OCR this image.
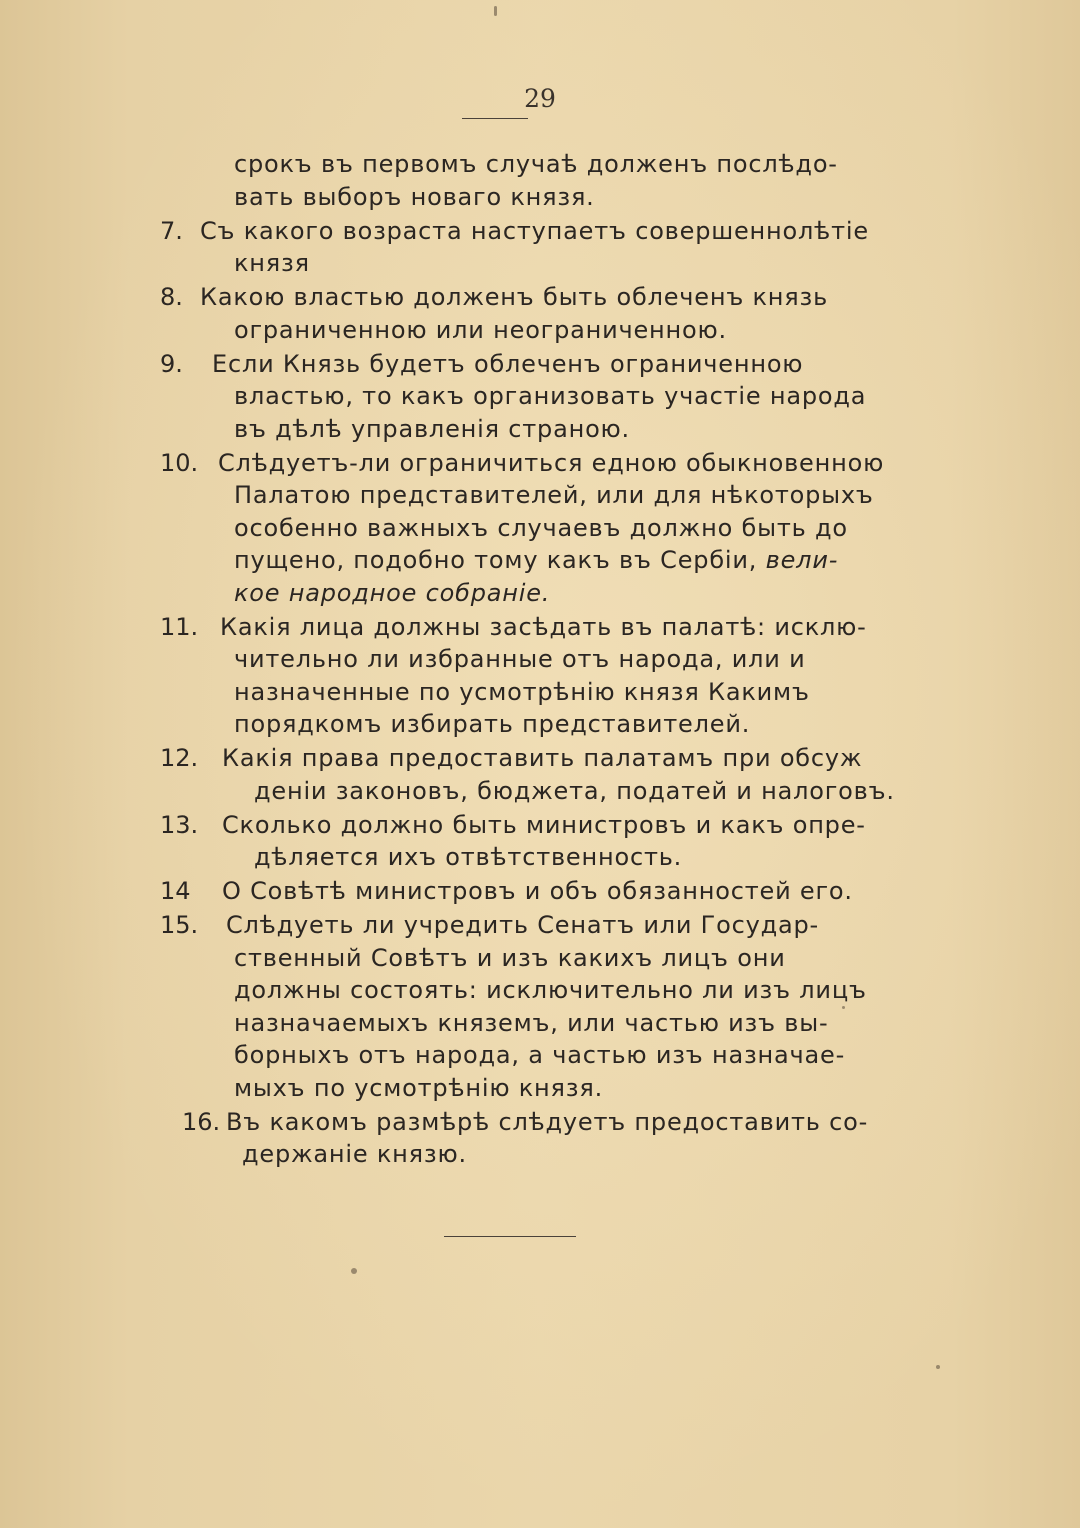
29
срокъ въ первомъ случаѣ долженъ послѣдо-
вать выборъ новаго князя.
7. Съ какого возраста наступаетъ совершеннолѣтіе
князя
8. Какою властью долженъ быть облеченъ князь
ограниченною или неограниченною.
9.	Если Князь будетъ облеченъ ограниченною
властью, то какъ организовать участіе народа
въ дѣлѣ управленія страною.
10. Слѣдуетъ-ли ограничиться едною обыкновенною
Палатою представителей, или для нѣкоторыхъ
особенно важныхъ случаевъ должно быть до
пущено, подобно тому какъ въ Сербіи, вели-
кое народное собраніе.
11. Какія лица должны засѣдать въ палатѣ: исклю-
чительно ли избранные отъ народа, или и
назначенные по усмотрѣнію князя Какимъ
порядкомъ избирать представителей.
12. Какія права предоставить палатамъ при обсуж
деніи законовъ, бюджета, податей и налоговъ.
13. Сколько должно быть министровъ и какъ опре-
дѣляется ихъ отвѣтственность.
14	О Совѣтѣ министровъ и объ обязанностей его.
15.	Слѣдуеть ли учредить Сенатъ или Государ-
ственный Совѣтъ и изъ какихъ лицъ они
должны состоять: исключительно ли изъ лицъ
назначаемыхъ княземъ, или частью изъ вы-
борныхъ отъ народа, а частью изъ назначае-
мыхъ по усмотрѣнію князя.
16. Въ какомъ размѣрѣ слѣдуетъ предоставить со-
держаніе князю.
